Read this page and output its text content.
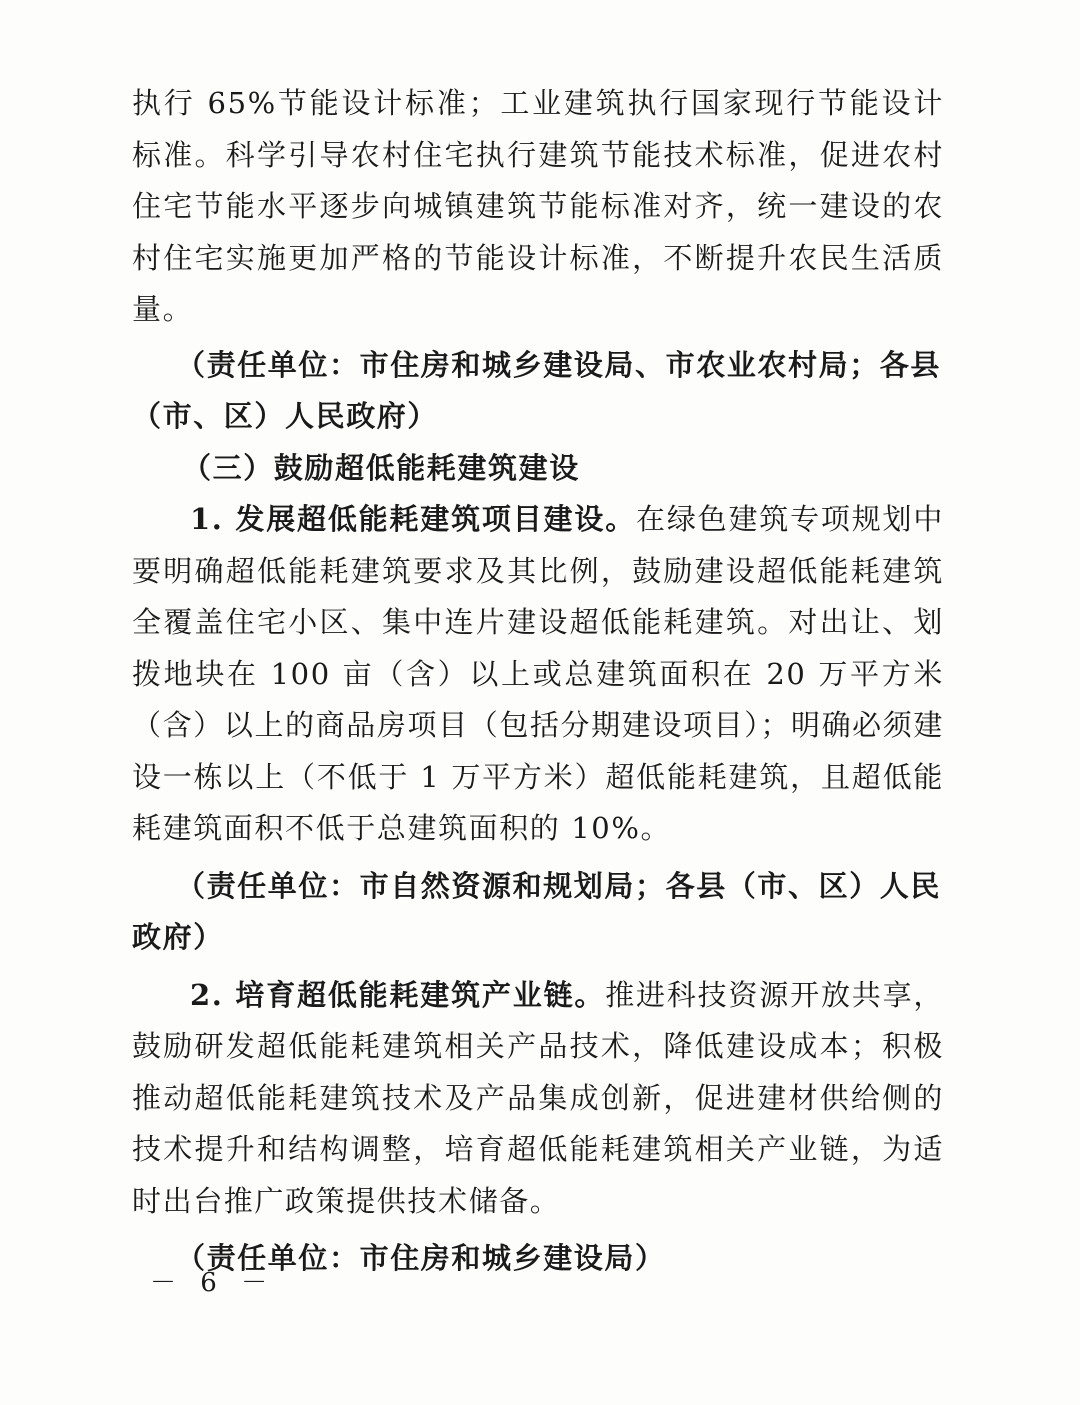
执行 65%节能设计标准；工业建筑执行国家现行节能设计标准。科学引导农村住宅执行建筑节能技术标准，促进农村住宅节能水平逐步向城镇建筑节能标准对齐，统一建设的农村住宅实施更加严格的节能设计标准，不断提升农民生活质量。

（责任单位：市住房和城乡建设局、市农业农村局；各县（市、区）人民政府）

（三）鼓励超低能耗建筑建设

1. 发展超低能耗建筑项目建设。在绿色建筑专项规划中要明确超低能耗建筑要求及其比例，鼓励建设超低能耗建筑全覆盖住宅小区、集中连片建设超低能耗建筑。对出让、划拨地块在 100 亩（含）以上或总建筑面积在 20 万平方米（含）以上的商品房项目（包括分期建设项目）；明确必须建设一栋以上（不低于 1 万平方米）超低能耗建筑，且超低能耗建筑面积不低于总建筑面积的 10%。

（责任单位：市自然资源和规划局；各县（市、区）人民政府）

2. 培育超低能耗建筑产业链。推进科技资源开放共享，鼓励研发超低能耗建筑相关产品技术，降低建设成本；积极推动超低能耗建筑技术及产品集成创新，促进建材供给侧的技术提升和结构调整，培育超低能耗建筑相关产业链，为适时出台推广政策提供技术储备。

（责任单位：市住房和城乡建设局）

－ 6 －
